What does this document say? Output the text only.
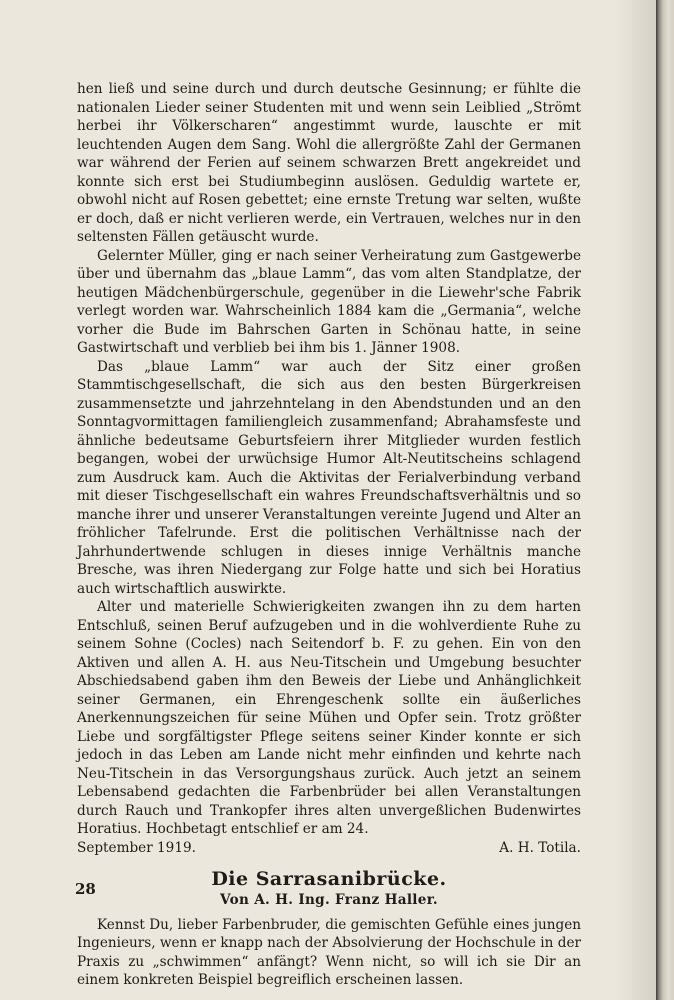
hen ließ und seine durch und durch deutsche Gesinnung; er fühlte die nationalen Lieder seiner Studenten mit und wenn sein Leiblied „Strömt herbei ihr Völkerscharen“ angestimmt wurde, lauschte er mit leuchtenden Augen dem Sang. Wohl die allergrößte Zahl der Germanen war während der Ferien auf seinem schwarzen Brett angekreidet und konnte sich erst bei Studiumbeginn auslösen. Geduldig wartete er, obwohl nicht auf Rosen gebettet; eine ernste Tretung war selten, wußte er doch, daß er nicht verlieren werde, ein Vertrauen, welches nur in den seltensten Fällen getäuscht wurde.

Gelernter Müller, ging er nach seiner Verheiratung zum Gastgewerbe über und übernahm das „blaue Lamm“, das vom alten Standplatze, der heutigen Mädchenbürgerschule, gegenüber in die Liewehr'sche Fabrik verlegt worden war. Wahrscheinlich 1884 kam die „Germania“, welche vorher die Bude im Bahrschen Garten in Schönau hatte, in seine Gastwirtschaft und verblieb bei ihm bis 1. Jänner 1908.

Das „blaue Lamm“ war auch der Sitz einer großen Stammtischgesellschaft, die sich aus den besten Bürgerkreisen zusammensetzte und jahrzehntelang in den Abendstunden und an den Sonntagvormittagen familiengleich zusammenfand; Abrahamsfeste und ähnliche bedeutsame Geburtsfeiern ihrer Mitglieder wurden festlich begangen, wobei der urwüchsige Humor Alt-Neutitscheins schlagend zum Ausdruck kam. Auch die Aktivitas der Ferialverbindung verband mit dieser Tischgesellschaft ein wahres Freundschaftsverhältnis und so manche ihrer und unserer Veranstaltungen vereinte Jugend und Alter an fröhlicher Tafelrunde. Erst die politischen Verhältnisse nach der Jahrhundertwende schlugen in dieses innige Verhältnis manche Bresche, was ihren Niedergang zur Folge hatte und sich bei Horatius auch wirtschaftlich auswirkte.

Alter und materielle Schwierigkeiten zwangen ihn zu dem harten Entschluß, seinen Beruf aufzugeben und in die wohlverdiente Ruhe zu seinem Sohne (Cocles) nach Seitendorf b. F. zu gehen. Ein von den Aktiven und allen A. H. aus Neu-Titschein und Umgebung besuchter Abschiedsabend gaben ihm den Beweis der Liebe und Anhänglichkeit seiner Germanen, ein Ehrengeschenk sollte ein äußerliches Anerkennungszeichen für seine Mühen und Opfer sein. Trotz größter Liebe und sorgfältigster Pflege seitens seiner Kinder konnte er sich jedoch in das Leben am Lande nicht mehr einfinden und kehrte nach Neu-Titschein in das Versorgungshaus zurück. Auch jetzt an seinem Lebensabend gedachten die Farbenbrüder bei allen Veranstaltungen durch Rauch und Trankopfer ihres alten unvergeßlichen Budenwirtes Horatius. Hochbetagt entschlief er am 24.

September 1919.	A. H. Totila.
Die Sarrasanibrücke.
Von A. H. Ing. Franz Haller.

Kennst Du, lieber Farbenbruder, die gemischten Gefühle eines jungen Ingenieurs, wenn er knapp nach der Absolvierung der Hochschule in der Praxis zu „schwimmen“ anfängt? Wenn nicht, so will ich sie Dir an einem konkreten Beispiel begreiflich erscheinen lassen.

28
